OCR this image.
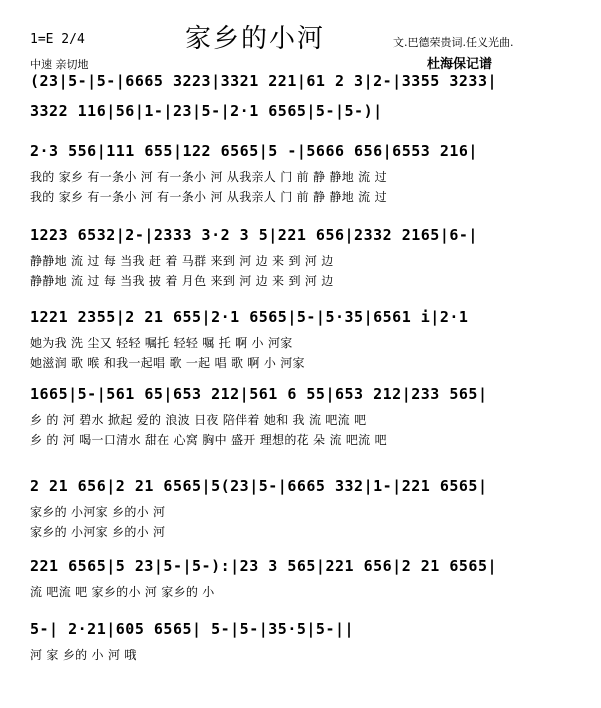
1=E 2/4	家乡的小河	文.巴德荣贵词.任义光曲.
中速 亲切地	杜海保记谱
(23|5-|5-|6665 3223|3321 221|61 2 3|2-|3355 3233|
3322 116|56|1-|23|5-|2·1 6565|5-|5-)|
2·3 556|111 655|122 6565|5 -|5666 656|6553 216|
我的 家乡 有一条小 河 有一条小 河 从我亲人 门 前 静 静地 流 过
我的 家乡 有一条小 河 有一条小 河 从我亲人 门 前 静 静地 流 过
1223 6532|2-|2333 3·2 3 5|221 656|2332 2165|6-|
静静地 流 过 每 当我 赶 着 马群 来到 河 边 来 到 河 边
静静地 流 过 每 当我 披 着 月色 来到 河 边 来 到 河 边
1221 2355|2 21 655|2·1 6565|5-|5·35|6561 i|2·1
她为我 洗 尘又 轻轻 嘱托 轻轻 嘱 托 啊 小 河家
她滋润 歌 喉 和我一起唱 歌 一起 唱 歌 啊 小 河家
1665|5-|561 65|653 212|561 6 55|653 212|233 565|
乡 的 河 碧水 掀起 爱的 浪波 日夜 陪伴着 她和 我 流 吧流 吧
乡 的 河 喝一口清水 甜在 心窝 胸中 盛开 理想的花 朵 流 吧流 吧
2 21 656|2 21 6565|5(23|5-|6665 332|1-|221 6565|
家乡的 小河家 乡的小 河
家乡的 小河家 乡的小 河
221 6565|5 23|5-|5-):|23 3 565|221 656|2 21 6565|
流 吧流 吧 家乡的小 河 家乡的 小
5-| 2·21|605 6565| 5-|5-|35·5|5-||
河 家 乡的 小 河 哦
